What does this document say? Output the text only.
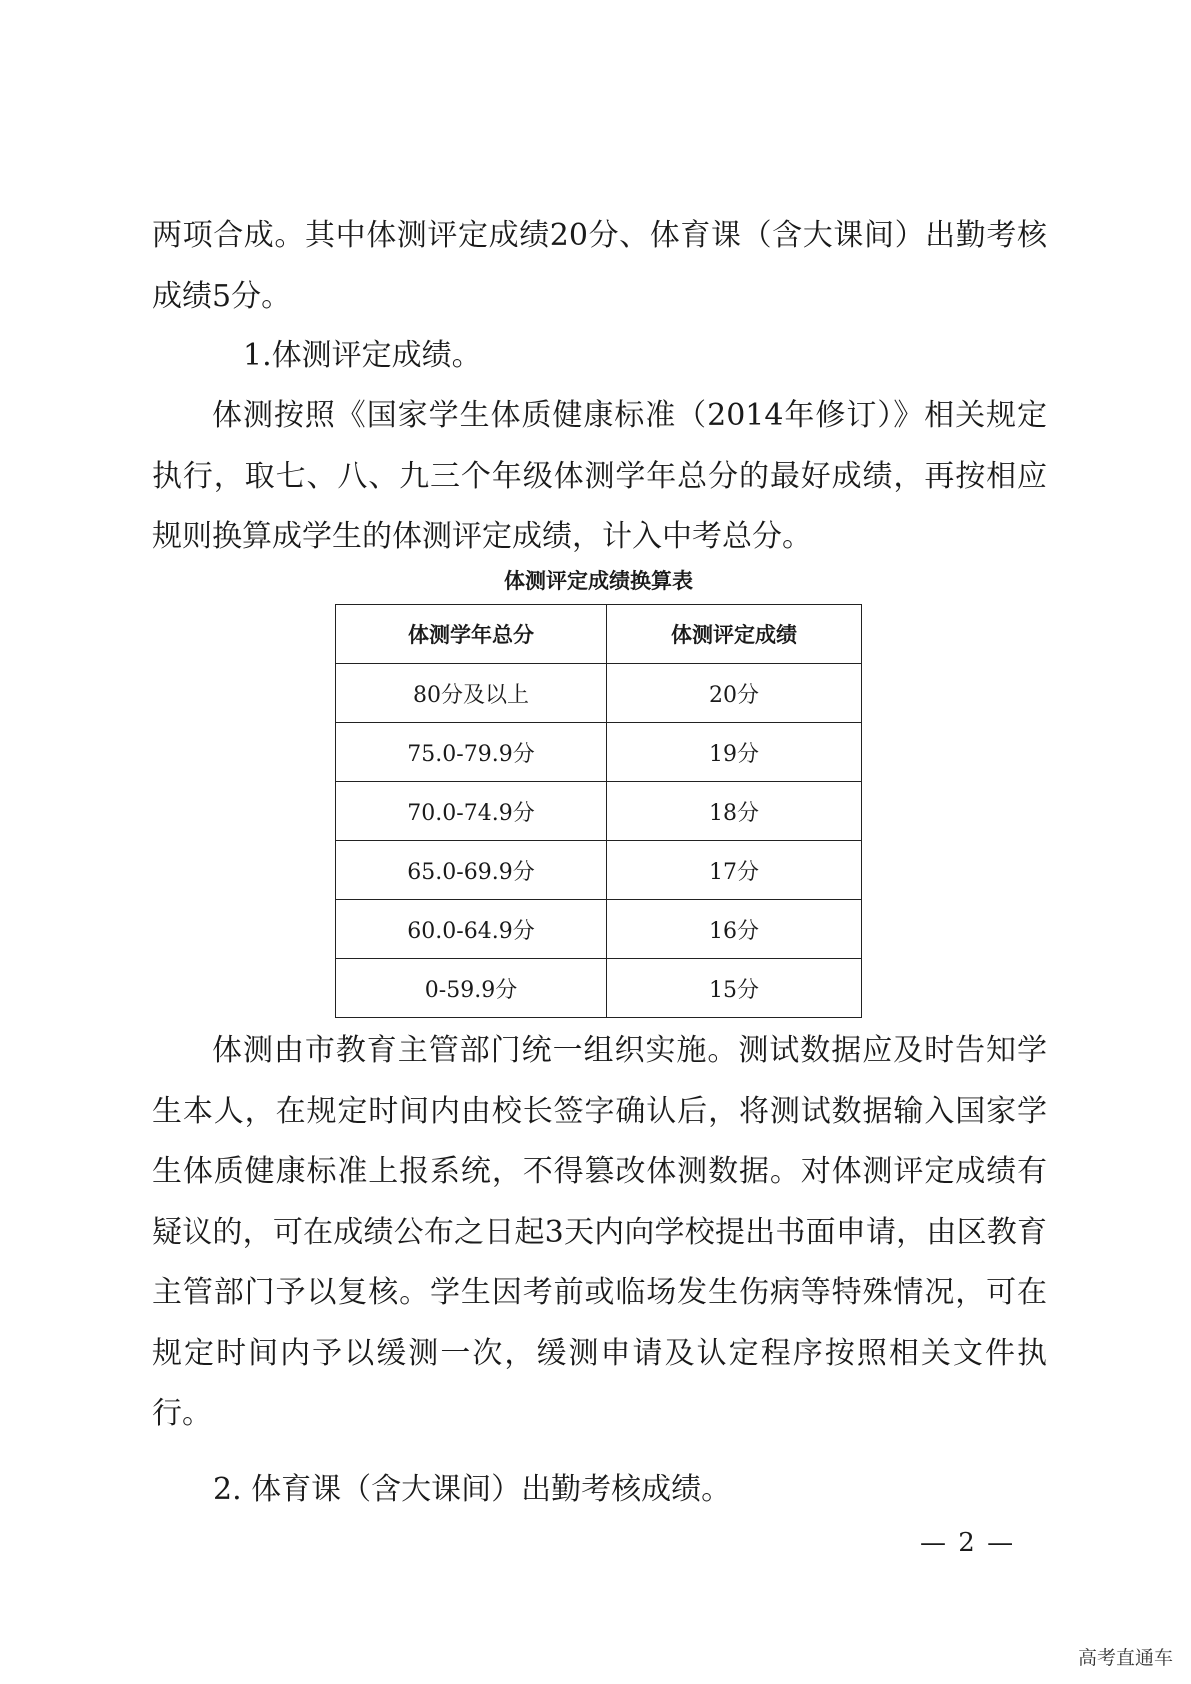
两项合成。其中体测评定成绩20分、体育课（含大课间）出勤考核成绩5分。

1.体测评定成绩。

体测按照《国家学生体质健康标准（2014年修订）》相关规定执行，取七、八、九三个年级体测学年总分的最好成绩，再按相应规则换算成学生的体测评定成绩，计入中考总分。

体测评定成绩换算表

体测学年总分	体测评定成绩
80分及以上	20分
75.0-79.9分	19分
70.0-74.9分	18分
65.0-69.9分	17分
60.0-64.9分	16分
0-59.9分	15分

体测由市教育主管部门统一组织实施。测试数据应及时告知学生本人，在规定时间内由校长签字确认后，将测试数据输入国家学生体质健康标准上报系统，不得篡改体测数据。对体测评定成绩有疑议的，可在成绩公布之日起3天内向学校提出书面申请，由区教育主管部门予以复核。学生因考前或临场发生伤病等特殊情况，可在规定时间内予以缓测一次，缓测申请及认定程序按照相关文件执行。

2. 体育课（含大课间）出勤考核成绩。

— 2 —

高考直通车
